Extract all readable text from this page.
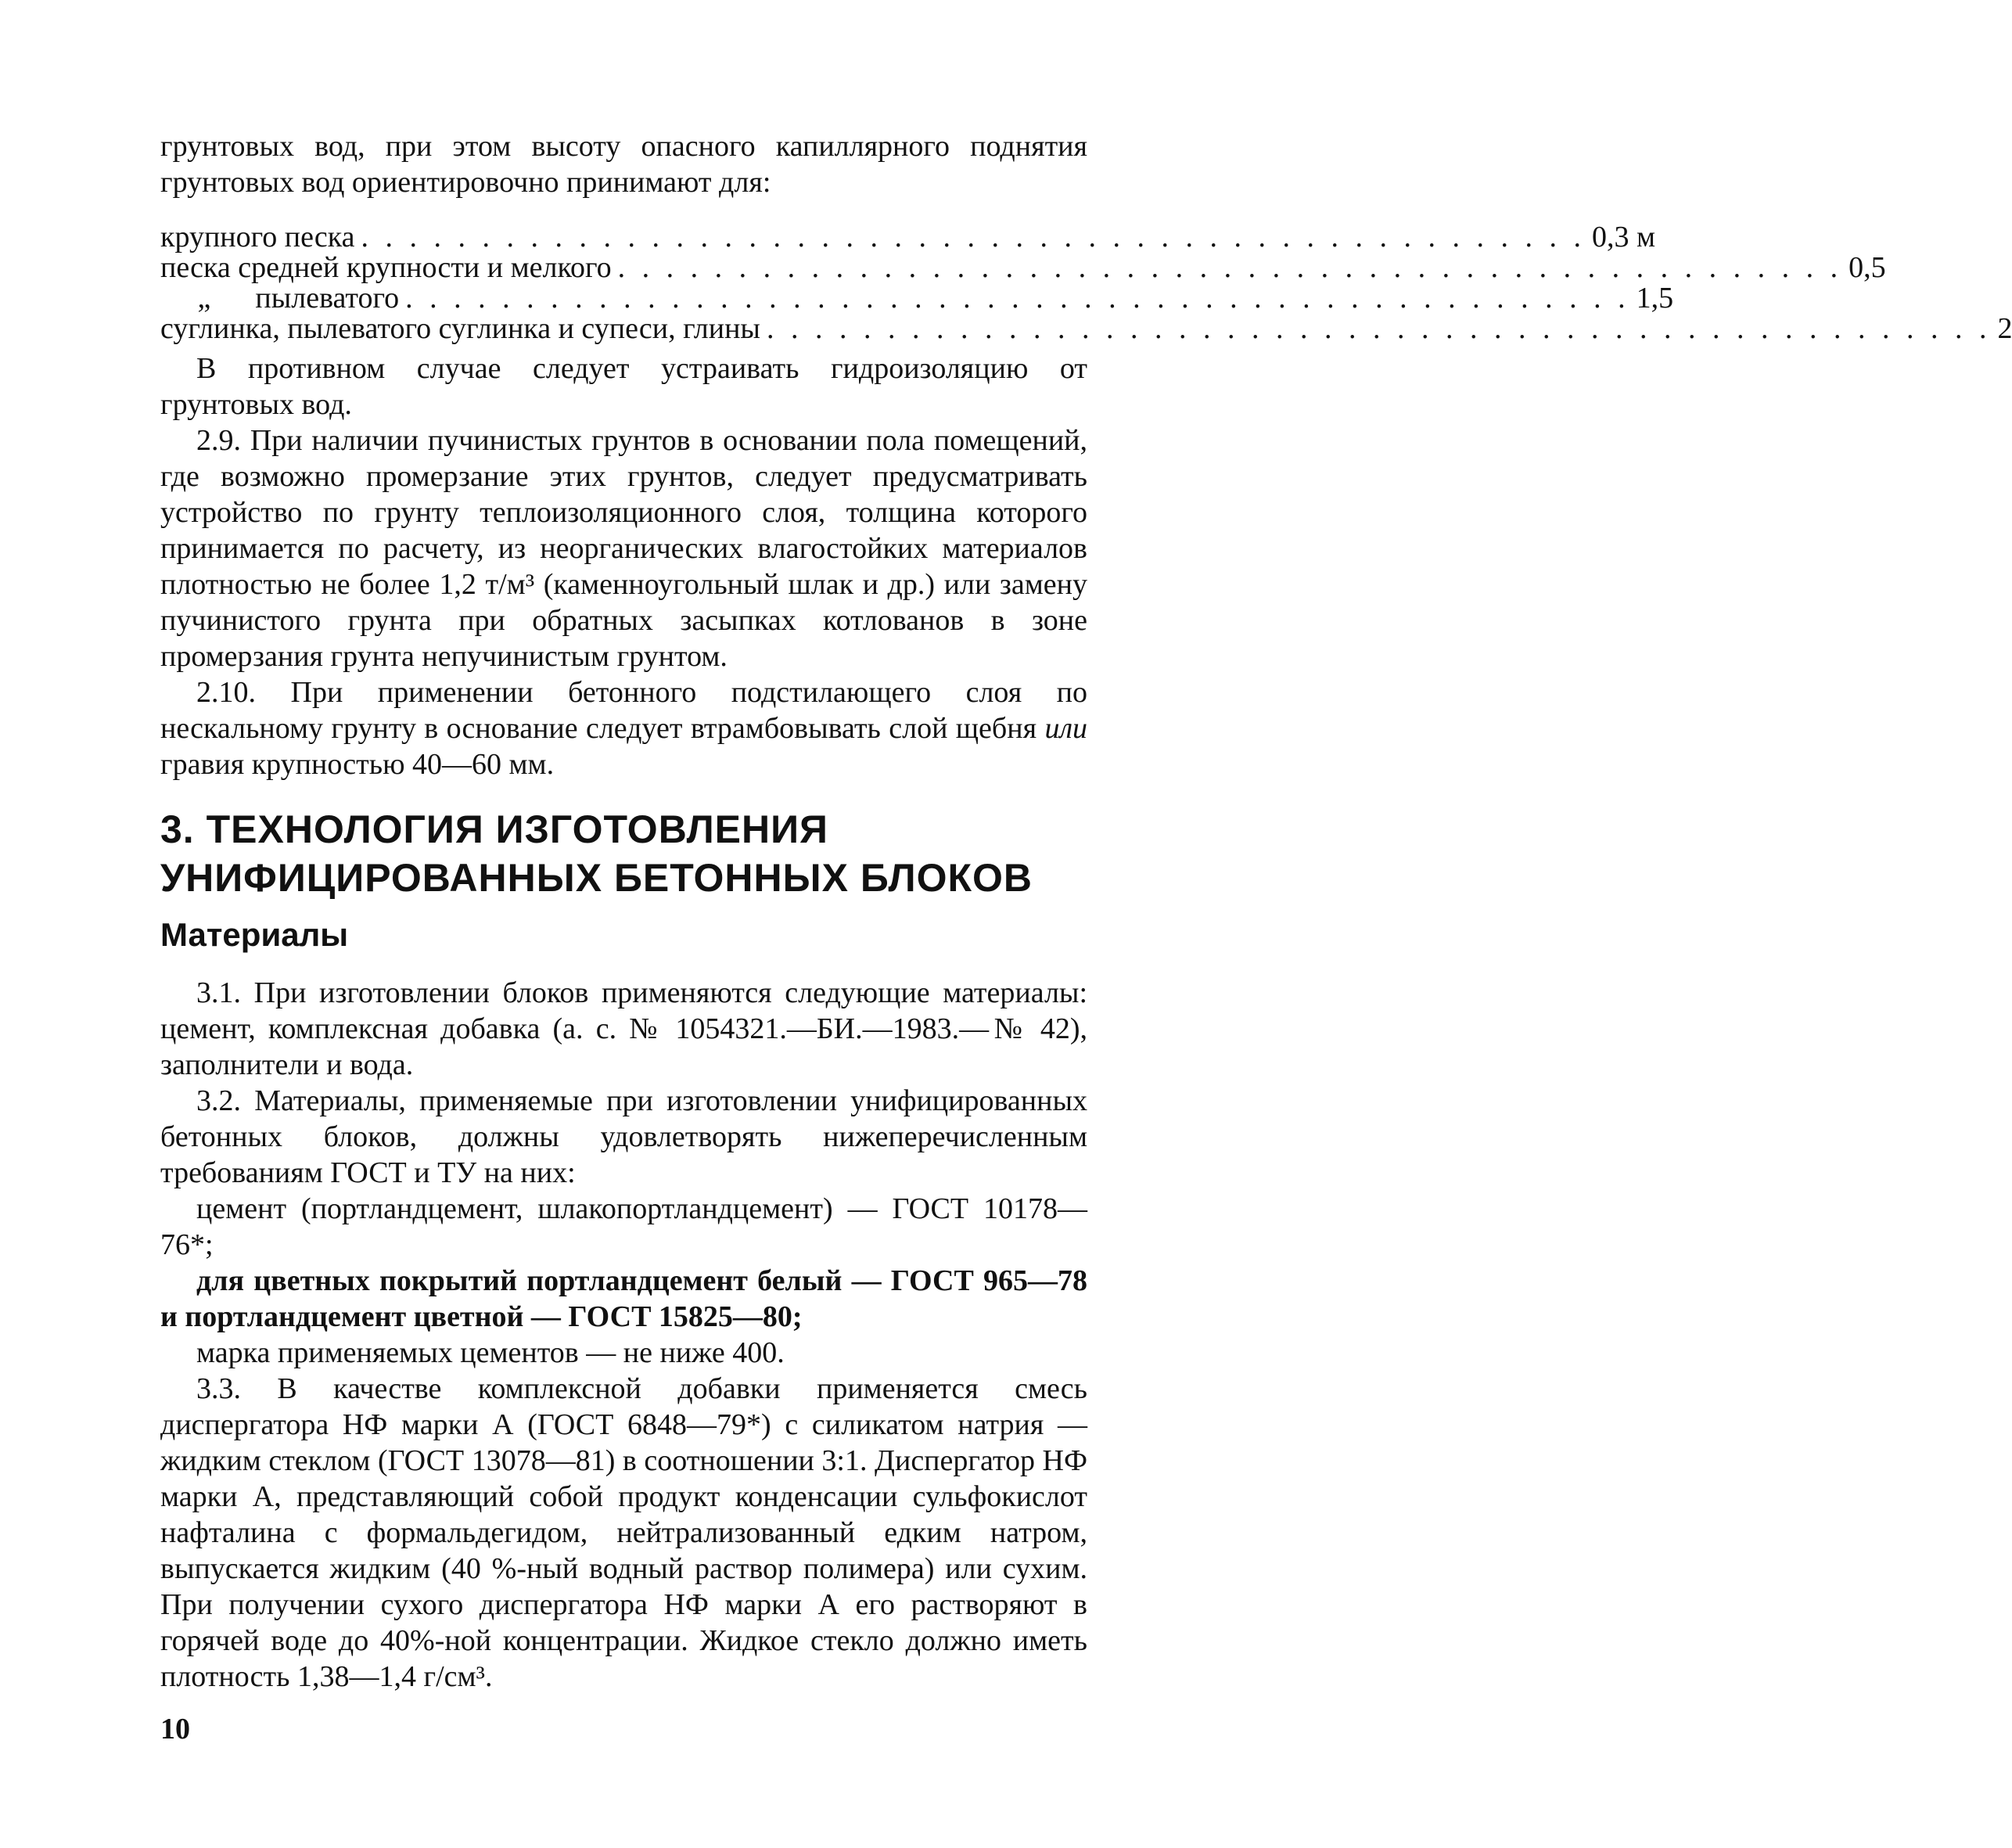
грунтовых вод, при этом высоту опасного капиллярного поднятия

грунтовых вод ориентировочно принимают для:

крупного песка . . . . . . . . . . . . . . . . . . . . . . . . . . . . . . . . . . . . . . . . . . . . . . . . . . . 0,3 м
песка средней крупности и мелкого . . . . . . . . . . . . . . . . . . . . . . . . . . . . . . . . . . . . . . . . . . . . . . . . . . . 0,5
„      пылеватого . . . . . . . . . . . . . . . . . . . . . . . . . . . . . . . . . . . . . . . . . . . . . . . . . . . 1,5
суглинка, пылеватого суглинка и супеси, глины . . . . . . . . . . . . . . . . . . . . . . . . . . . . . . . . . . . . . . . . . . . . . . . . . . . 2

В противном случае следует устраивать гидроизоляцию от

грунтовых вод.

2.9. При наличии пучинистых грунтов в основании пола помещений, где возможно промерзание этих грунтов, следует предусматривать устройство по грунту теплоизоляционного слоя, толщина которого принимается по расчету, из неорганических влагостойких материалов плотностью не более 1,2 т/м³ (каменноугольный шлак и др.) или замену пучинистого грунта при обратных засыпках котлованов в зоне промерзания грунта непучинистым грунтом.

2.10. При применении бетонного подстилающего слоя по нескальному грунту в основание следует втрамбовывать слой щебня или гравия крупностью 40—60 мм.

3. ТЕХНОЛОГИЯ ИЗГОТОВЛЕНИЯ
УНИФИЦИРОВАННЫХ БЕТОННЫХ БЛОКОВ
Материалы

3.1. При изготовлении блоков применяются следующие материалы: цемент, комплексная добавка (а. с. № 1054321.—БИ.—1983.—№ 42), заполнители и вода.

3.2. Материалы, применяемые при изготовлении унифицированных бетонных блоков, должны удовлетворять нижеперечисленным требованиям ГОСТ и ТУ на них:

цемент (портландцемент, шлакопортландцемент) — ГОСТ 10178—76*;

для цветных покрытий портландцемент белый — ГОСТ 965—78 и портландцемент цветной — ГОСТ 15825—80;

марка применяемых цементов — не ниже 400.

3.3. В качестве комплексной добавки применяется смесь диспергатора НФ марки А (ГОСТ 6848—79*) с силикатом натрия — жидким стеклом (ГОСТ 13078—81) в соотношении 3:1. Диспергатор НФ марки А, представляющий собой продукт конденсации сульфокислот нафталина с формальдегидом, нейтрализованный едким натром, выпускается жидким (40 %-ный водный раствор полимера) или сухим. При получении сухого диспергатора НФ марки А его растворяют в горячей воде до 40%-ной концентрации. Жидкое стекло должно иметь плотность 1,38—1,4 г/см³.

10
